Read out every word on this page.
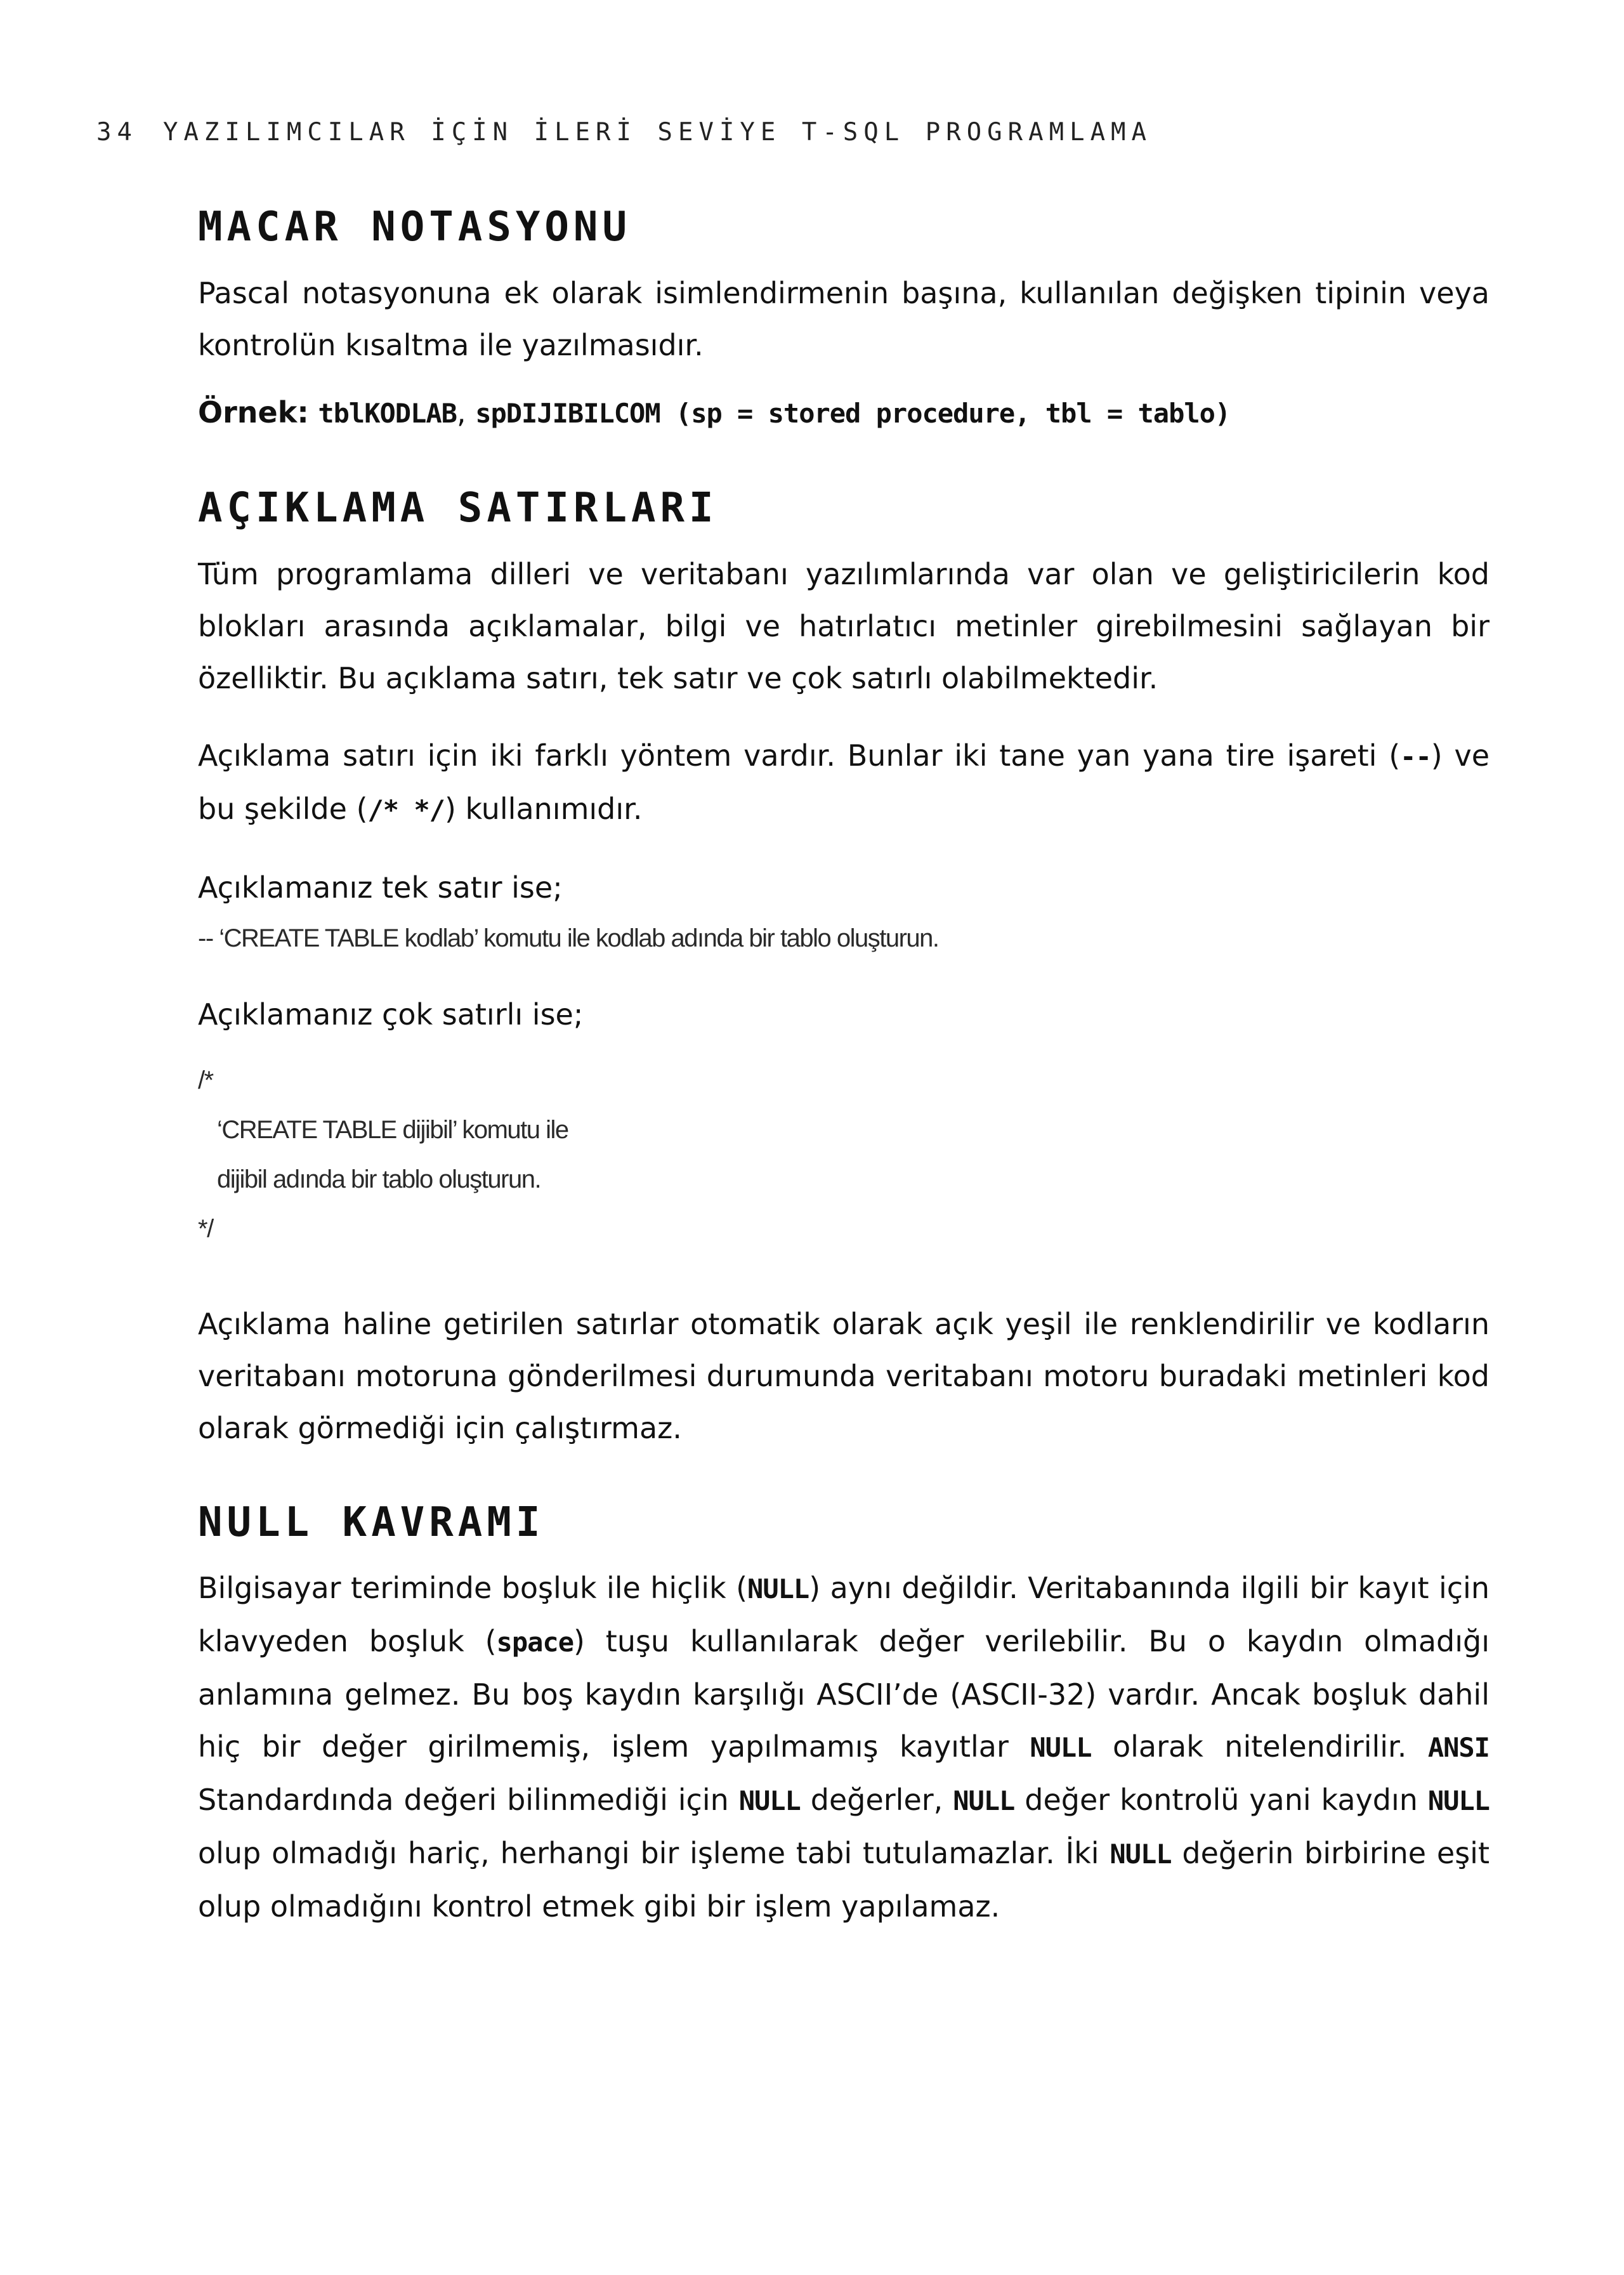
34 YAZILIMCILAR İÇİN İLERİ SEVİYE T-SQL PROGRAMLAMA
MACAR NOTASYONU

Pascal notasyonuna ek olarak isimlendirmenin başına, kullanılan değişken tipinin veya kontrolün kısaltma ile yazılmasıdır.

Örnek: tblKODLAB, spDIJIBILCOM (sp = stored procedure, tbl = tablo)

AÇIKLAMA SATIRLARI

Tüm programlama dilleri ve veritabanı yazılımlarında var olan ve geliştiricilerin kod blokları arasında açıklamalar, bilgi ve hatırlatıcı metinler girebilmesini sağlayan bir özelliktir. Bu açıklama satırı, tek satır ve çok satırlı olabilmektedir.

Açıklama satırı için iki farklı yöntem vardır. Bunlar iki tane yan yana tire işareti (--) ve bu şekilde (/* */) kullanımıdır.

Açıklamanız tek satır ise;

-- ‘CREATE TABLE kodlab’ komutu ile kodlab adında bir tablo oluşturun.

Açıklamanız çok satırlı ise;

/*

‘CREATE TABLE dijibil’ komutu ile

dijibil adında bir tablo oluşturun.

*/

Açıklama haline getirilen satırlar otomatik olarak açık yeşil ile renklendirilir ve kodların veritabanı motoruna gönderilmesi durumunda veritabanı motoru buradaki metinleri kod olarak görmediği için çalıştırmaz.

NULL KAVRAMI

Bilgisayar teriminde boşluk ile hiçlik (NULL) aynı değildir. Veritabanında ilgili bir kayıt için klavyeden boşluk (space) tuşu kullanılarak değer verilebilir. Bu o kaydın olmadığı anlamına gelmez. Bu boş kaydın karşılığı ASCII’de (ASCII-32) vardır. Ancak boşluk dahil hiç bir değer girilmemiş, işlem yapılmamış kayıtlar NULL olarak nitelendirilir. ANSI Standardında değeri bilinmediği için NULL değerler, NULL değer kontrolü yani kaydın NULL olup olmadığı hariç, herhangi bir işleme tabi tutulamazlar. İki NULL değerin birbirine eşit olup olmadığını kontrol etmek gibi bir işlem yapılamaz.
